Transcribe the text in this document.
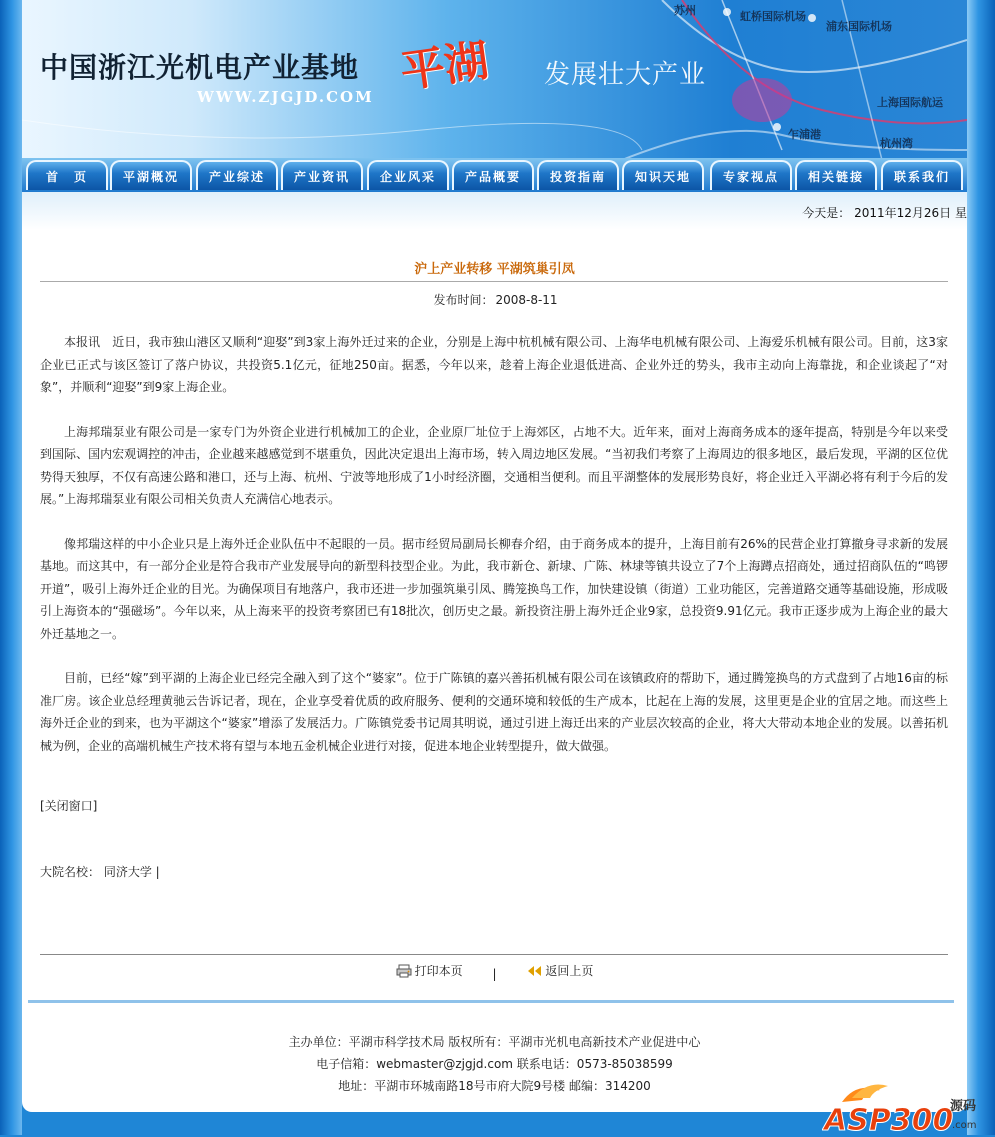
苏州	虹桥国际机场
浦东国际机场
上海国际航运
乍浦港
杭州湾
中国浙江光机电产业基地
WWW.ZJGJD.COM 平湖 发展壮大产业
首　页	平湖概况	产业综述	产业资讯	企业风采	产品概要	投资指南	知识天地	专家视点	相关链接	联系我们
今天是： 2011年12月26日 星
沪上产业转移 平湖筑巢引凤
发布时间： 2008-8-11

本报讯　近日，我市独山港区又顺利“迎娶”到3家上海外迁过来的企业，分别是上海中杭机械有限公司、上海华电机械有限公司、上海爱乐机械有限公司。目前，这3家企业已正式与该区签订了落户协议，共投资5.1亿元，征地250亩。据悉，今年以来，趁着上海企业退低进高、企业外迁的势头，我市主动向上海靠拢，和企业谈起了“对象”，并顺利“迎娶”到9家上海企业。

上海邦瑞泵业有限公司是一家专门为外资企业进行机械加工的企业，企业原厂址位于上海郊区，占地不大。近年来，面对上海商务成本的逐年提高，特别是今年以来受到国际、国内宏观调控的冲击，企业越来越感觉到不堪重负，因此决定退出上海市场，转入周边地区发展。“当初我们考察了上海周边的很多地区，最后发现，平湖的区位优势得天独厚，不仅有高速公路和港口，还与上海、杭州、宁波等地形成了1小时经济圈，交通相当便利。而且平湖整体的发展形势良好，将企业迁入平湖必将有利于今后的发展。”上海邦瑞泵业有限公司相关负责人充满信心地表示。

像邦瑞这样的中小企业只是上海外迁企业队伍中不起眼的一员。据市经贸局副局长柳春介绍，由于商务成本的提升，上海目前有26%的民营企业打算撤身寻求新的发展基地。而这其中，有一部分企业是符合我市产业发展导向的新型科技型企业。为此，我市新仓、新埭、广陈、林埭等镇共设立了7个上海蹲点招商处，通过招商队伍的“鸣锣开道”，吸引上海外迁企业的目光。为确保项目有地落户，我市还进一步加强筑巢引凤、腾笼换鸟工作，加快建设镇（街道）工业功能区，完善道路交通等基础设施，形成吸引上海资本的“强磁场”。今年以来，从上海来平的投资考察团已有18批次，创历史之最。新投资注册上海外迁企业9家，总投资9.91亿元。我市正逐步成为上海企业的最大外迁基地之一。

目前，已经“嫁”到平湖的上海企业已经完全融入到了这个“婆家”。位于广陈镇的嘉兴善拓机械有限公司在该镇政府的帮助下，通过腾笼换鸟的方式盘到了占地16亩的标准厂房。该企业总经理黄驰云告诉记者，现在，企业享受着优质的政府服务、便利的交通环境和较低的生产成本，比起在上海的发展，这里更是企业的宜居之地。而这些上海外迁企业的到来，也为平湖这个“婆家”增添了发展活力。广陈镇党委书记周其明说，通过引进上海迁出来的产业层次较高的企业，将大大带动本地企业的发展。以善拓机械为例，企业的高端机械生产技术将有望与本地五金机械企业进行对接，促进本地企业转型提升，做大做强。

[关闭窗口]
大院名校： 同济大学 |
打印本页 |	返回上页
主办单位：平湖市科学技术局 版权所有：平湖市光机电高新技术产业促进中心
电子信箱：webmaster@zjgjd.com 联系电话：0573-85038599
地址：平湖市环城南路18号市府大院9号楼 邮编：314200
ASP300
源码
.com
